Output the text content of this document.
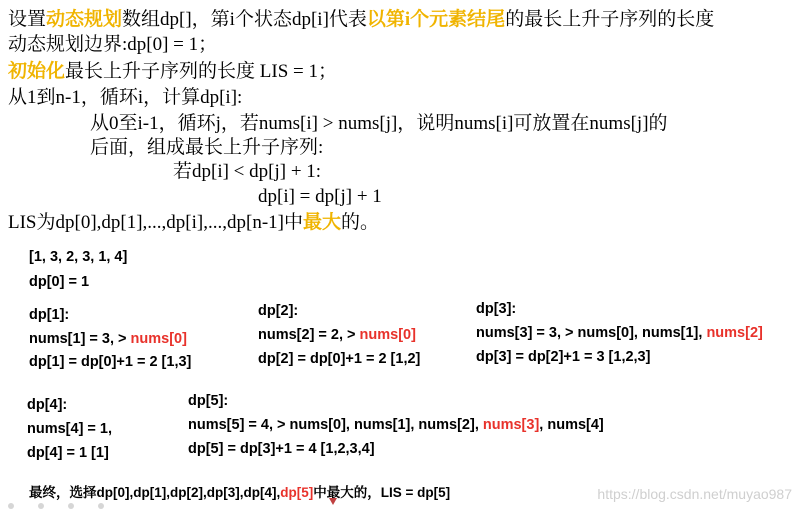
设置动态规划数组dp[]，第i个状态dp[i]代表以第i个元素结尾的最长上升子序列的长度
动态规划边界:dp[0] = 1；
初始化最长上升子序列的长度 LIS = 1；
从1到n-1，循环i，计算dp[i]:
从0至i-1，循环j，若nums[i] > nums[j]，说明nums[i]可放置在nums[j]的
后面，组成最长上升子序列:
若dp[i] < dp[j] + 1:
dp[i] = dp[j] + 1
LIS为dp[0],dp[1],...,dp[i],...,dp[n-1]中最大的。
[1, 3, 2, 3, 1, 4]
dp[0] = 1
dp[1]:
nums[1] = 3, > nums[0]
dp[1] = dp[0]+1 = 2 [1,3]
dp[2]:
nums[2] = 2, > nums[0]
dp[2] = dp[0]+1 = 2 [1,2]
dp[3]:
nums[3] = 3, > nums[0], nums[1], nums[2]
dp[3] = dp[2]+1 = 3 [1,2,3]
dp[4]:
nums[4] = 1,
dp[4] = 1 [1]
dp[5]:
nums[5] = 4, > nums[0], nums[1], nums[2], nums[3], nums[4]
dp[5] = dp[3]+1 = 4 [1,2,3,4]
最终，选择dp[0],dp[1],dp[2],dp[3],dp[4],dp[5]中最大的，LIS = dp[5]	https://blog.csdn.net/muyao987
